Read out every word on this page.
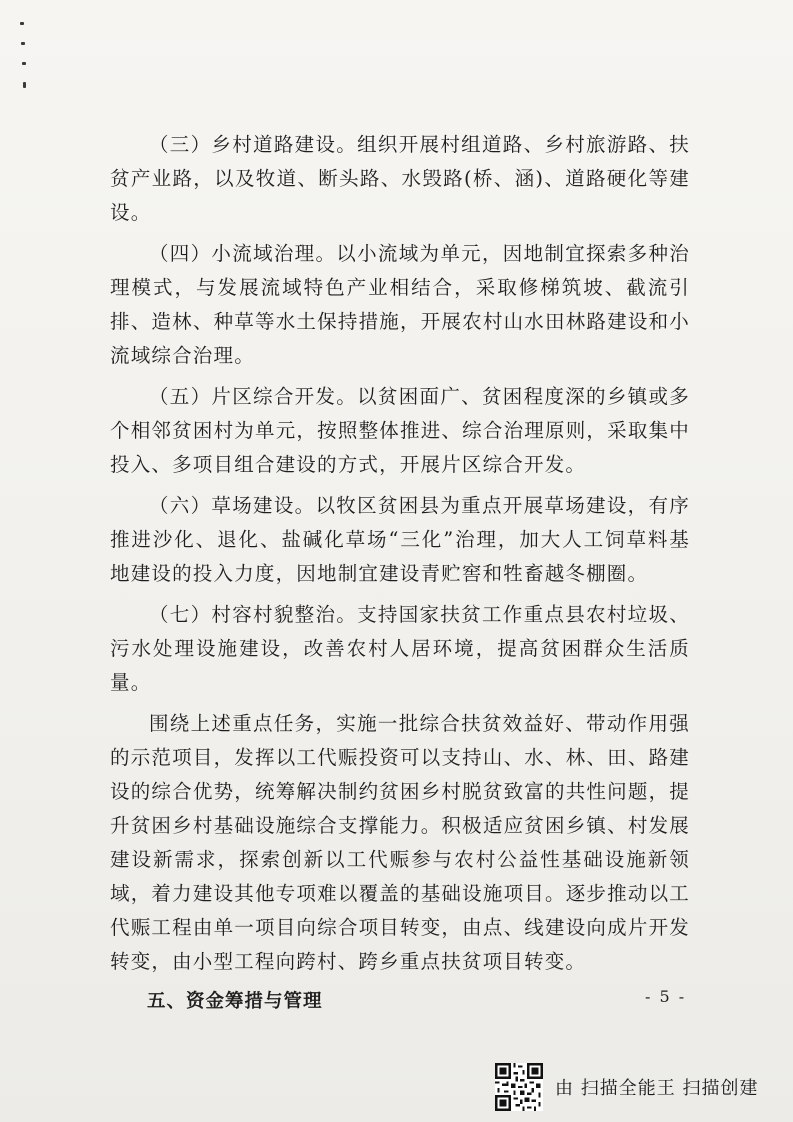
（三）乡村道路建设。组织开展村组道路、乡村旅游路、扶贫产业路，以及牧道、断头路、水毁路(桥、涵)、道路硬化等建设。

（四）小流域治理。以小流域为单元，因地制宜探索多种治理模式，与发展流域特色产业相结合，采取修梯筑坡、截流引排、造林、种草等水土保持措施，开展农村山水田林路建设和小流域综合治理。

（五）片区综合开发。以贫困面广、贫困程度深的乡镇或多个相邻贫困村为单元，按照整体推进、综合治理原则，采取集中投入、多项目组合建设的方式，开展片区综合开发。

（六）草场建设。以牧区贫困县为重点开展草场建设，有序推进沙化、退化、盐碱化草场“三化”治理，加大人工饲草料基地建设的投入力度，因地制宜建设青贮窖和牲畜越冬棚圈。

（七）村容村貌整治。支持国家扶贫工作重点县农村垃圾、污水处理设施建设，改善农村人居环境，提高贫困群众生活质量。

围绕上述重点任务，实施一批综合扶贫效益好、带动作用强的示范项目，发挥以工代赈投资可以支持山、水、林、田、路建设的综合优势，统筹解决制约贫困乡村脱贫致富的共性问题，提升贫困乡村基础设施综合支撑能力。积极适应贫困乡镇、村发展建设新需求，探索创新以工代赈参与农村公益性基础设施新领域，着力建设其他专项难以覆盖的基础设施项目。逐步推动以工代赈工程由单一项目向综合项目转变，由点、线建设向成片开发转变，由小型工程向跨村、跨乡重点扶贫项目转变。

五、资金筹措与管理	- 5 -
由 扫描全能王 扫描创建
